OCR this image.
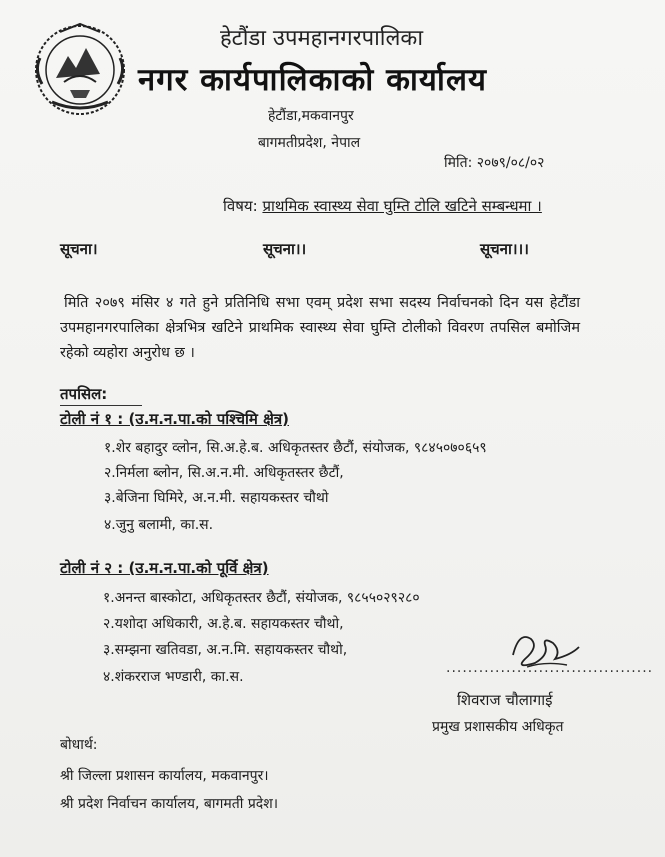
हेटौंडा उपमहानगरपालिका
नगर कार्यपालिकाको कार्यालय
हेटौंडा,मकवानपुर
बागमतीप्रदेश, नेपाल
मिति: २०७९/०८/०२
विषय: प्राथमिक स्वास्थ्य सेवा घुम्ति टोलि खटिने सम्बन्धमा ।
सूचना।	सूचना।।	सूचना।।।
मिति २०७९ मंसिर ४ गते हुने प्रतिनिधि सभा एवम् प्रदेश सभा सदस्य निर्वाचनको दिन यस हेटौंडा उपमहानगरपालिका क्षेत्रभित्र खटिने प्राथमिक स्वास्थ्य सेवा घुम्ति टोलीको विवरण तपसिल बमोजिम रहेको व्यहोरा अनुरोध छ ।
तपसिल:
टोली नं १ : (उ.म.न.पा.को पश्चिमि क्षेत्र)
१.शेर बहादुर व्लोन, सि.अ.हे.ब. अधिकृतस्तर छैटौं, संयोजक, ९८४५०७०६५९
२.निर्मला ब्लोन, सि.अ.न.मी. अधिकृतस्तर छैटौं,
३.बेजिना घिमिरे, अ.न.मी. सहायकस्तर चौथो
४.जुनु बलामी, का.स.
टोली नं २ : (उ.म.न.पा.को पूर्वि क्षेत्र)
१.अनन्त बास्कोटा, अधिकृतस्तर छैटौं, संयोजक, ९८५५०२९२८०
२.यशोदा अधिकारी, अ.हे.ब. सहायकस्तर चौथो,
३.सम्झना खतिवडा, अ.न.मि. सहायकस्तर चौथो,
४.शंकरराज भण्डारी, का.स.
......................................
शिवराज चौलागाई
प्रमुख प्रशासकीय अधिकृत
बोधार्थ:
श्री जिल्ला प्रशासन कार्यालय, मकवानपुर।
श्री प्रदेश निर्वाचन कार्यालय, बागमती प्रदेश।
